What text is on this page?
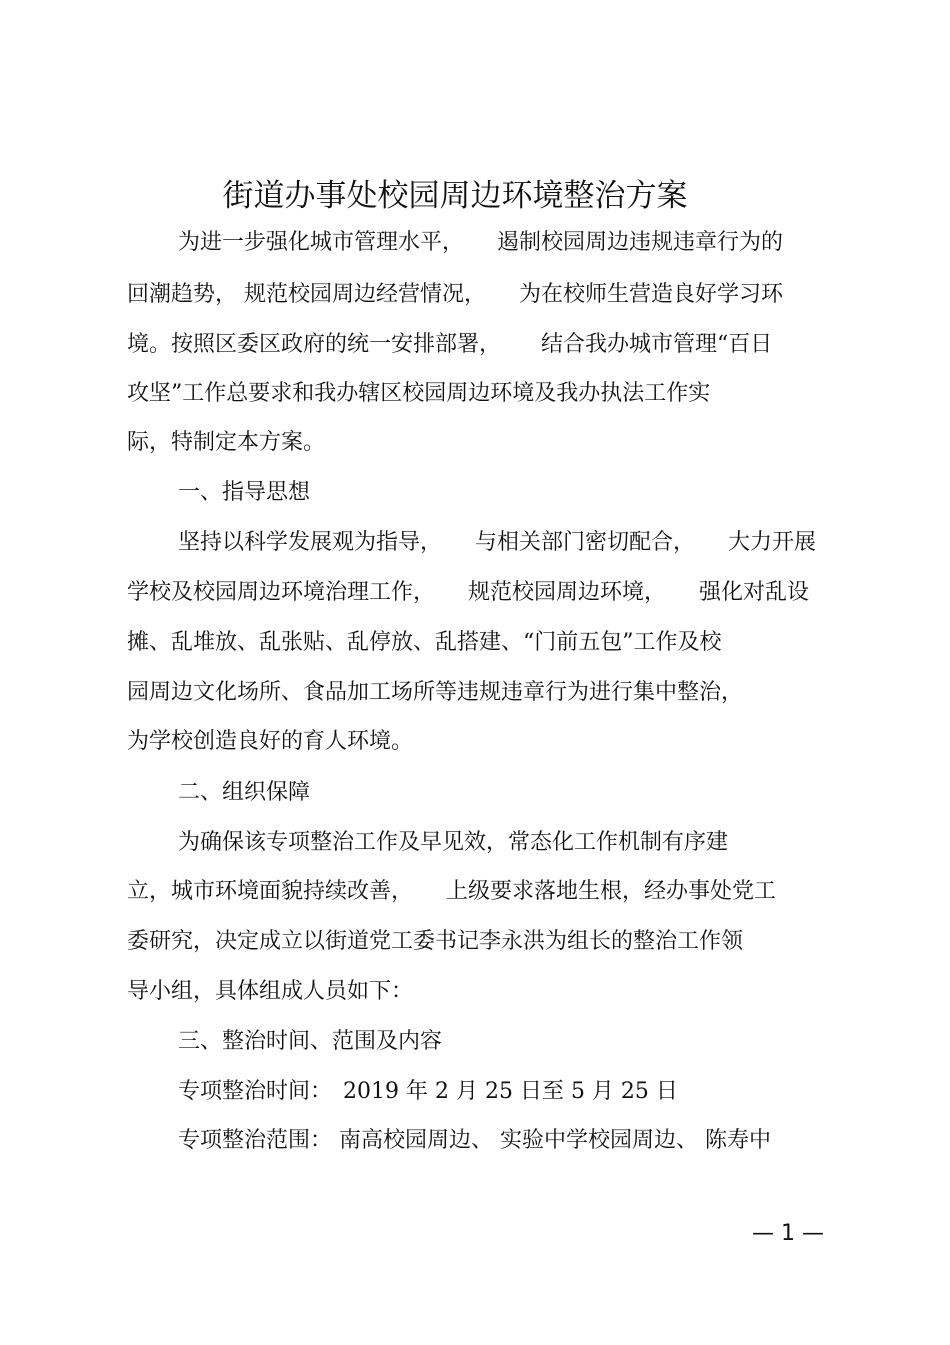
街道办事处校园周边环境整治方案
为进一步强化城市管理水平，　　遏制校园周边违规违章行为的
回潮趋势， 规范校园周边经营情况，　　为在校师生营造良好学习环
境。按照区委区政府的统一安排部署，　　 结合我办城市管理“百日
攻坚”工作总要求和我办辖区校园周边环境及我办执法工作实
际，特制定本方案。
一、指导思想
坚持以科学发展观为指导，　　与相关部门密切配合，　　大力开展
学校及校园周边环境治理工作，　　规范校园周边环境，　　强化对乱设
摊、乱堆放、乱张贴、乱停放、乱搭建、“门前五包”工作及校
园周边文化场所、食品加工场所等违规违章行为进行集中整治，
为学校创造良好的育人环境。
二、组织保障
为确保该专项整治工作及早见效，常态化工作机制有序建
立，城市环境面貌持续改善，　　上级要求落地生根，经办事处党工
委研究，决定成立以街道党工委书记李永洪为组长的整治工作领
导小组，具体组成人员如下：
三、整治时间、范围及内容
专项整治时间：　2019 年 2 月 25 日至 5 月 25 日
专项整治范围： 南高校园周边、 实验中学校园周边、 陈寿中
— 1 —
